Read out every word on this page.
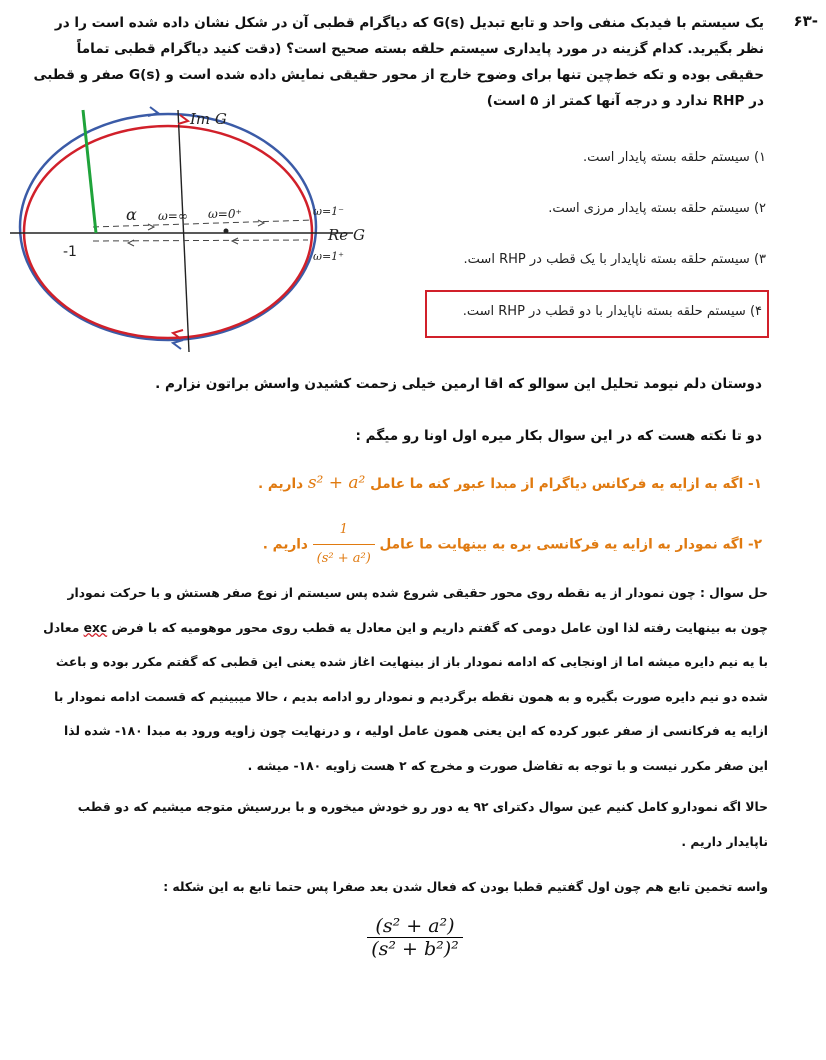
۶۳-
یک سیستم با فیدبک منفی واحد و تابع تبدیل G(s) که دیاگرام قطبی آن در شکل نشان داده شده است را در نظر بگیرید. کدام گزینه در مورد پایداری سیستم حلقه بسته صحیح است؟ (دقت کنید دیاگرام قطبی تماماً حقیقی بوده و تکه خط‌چین تنها برای وضوح خارج از محور حقیقی نمایش داده شده است و G(s) صفر و قطبی در RHP ندارد و درجه آنها کمتر از ۵ است)
Im G
Re G
-1
α ω=∞ ω=0⁺	ω=1⁻
ω=1⁺
۱) سیستم حلقه بسته پایدار است.
۲) سیستم حلقه بسته پایدار مرزی است.
۳) سیستم حلقه بسته ناپایدار با یک قطب در RHP است.
۴) سیستم حلقه بسته ناپایدار با دو قطب در RHP است.
دوستان دلم نیومد تحلیل این سوالو که اقا ارمین خیلی زحمت کشیدن واسش براتون نزارم .
دو تا نکته هست که در این سوال بکار میره اول اونا رو میگم :
۱- اگه به ازایه یه فرکانس دیاگرام از مبدا عبور کنه ما عامل s² + a² داریم .
۲- اگه نمودار به ازایه یه فرکانسی بره به بینهایت ما عامل
$\frac{1}{\text{(s² + a²)}}$
داریم .
حل سوال : چون نمودار از یه نقطه روی محور حقیقی شروع شده پس سیستم از نوع صفر هستش و با حرکت نمودار چون به بینهایت رفته لذا اون عامل دومی که گفتم داریم و این معادل یه قطب روی محور موهومیه که با فرض exc معادل با یه نیم دایره میشه اما از اونجایی که ادامه نمودار باز از بینهایت اغاز شده یعنی این قطبی که گفتم مکرر بوده و باعث شده دو نیم دایره صورت بگیره و به همون نقطه برگردیم و نمودار رو ادامه بدیم ، حالا میبینیم که قسمت ادامه نمودار با ازایه یه فرکانسی از صفر عبور کرده که این یعنی همون عامل اولیه ، و درنهایت چون زاویه ورود به مبدا ۱۸۰- شده لذا این صفر مکرر نیست و با توجه به تفاضل صورت و مخرج که ۲ هست زاویه ۱۸۰- میشه .
حالا اگه نمودارو کامل کنیم عین سوال دکترای ۹۲ یه دور رو خودش میخوره و با بررسیش متوجه میشیم که دو قطب ناپایدار داریم .
واسه تخمین تابع هم چون اول گفتیم قطبا بودن که فعال شدن بعد صفرا پس حتما تابع به این شکله :
$\frac{\text{(s² + a²)}}{\text{(s² + b²)²}}$
